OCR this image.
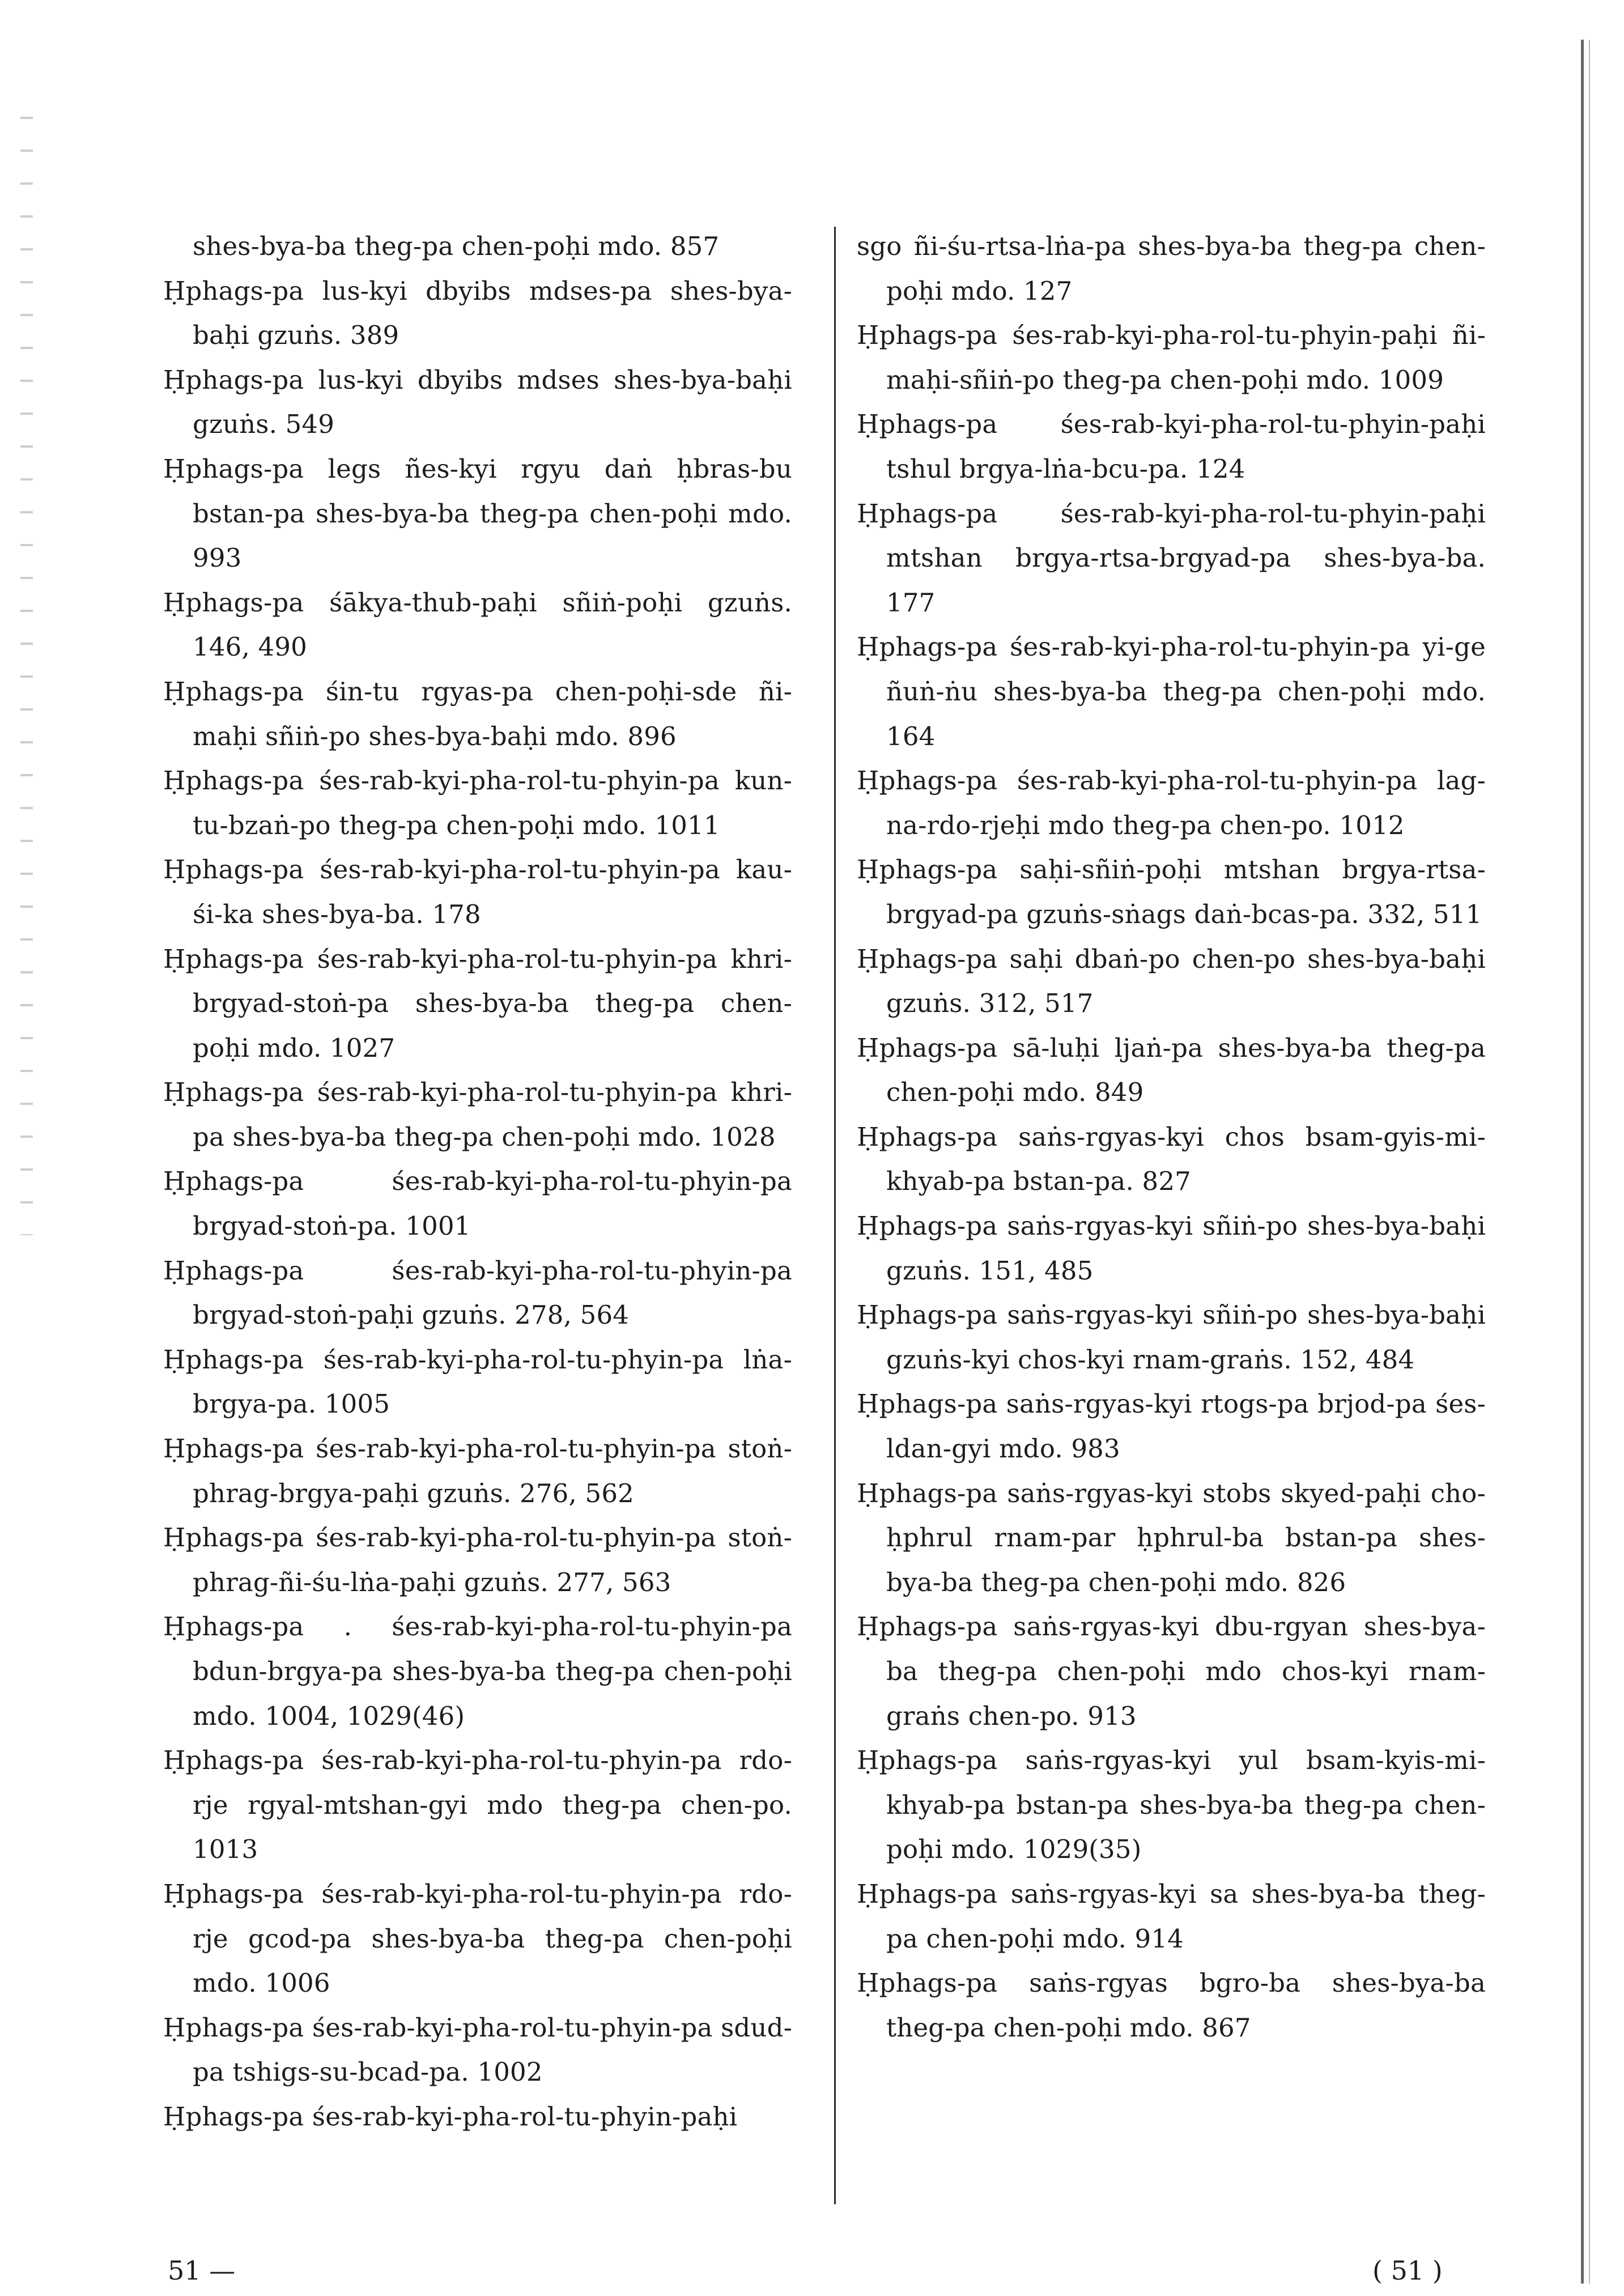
shes-bya-ba theg-pa chen-poḥi mdo. 857

Ḥphags-pa lus-kyi dbyibs mdses-pa shes-bya-baḥi gzuṅs. 389

Ḥphags-pa lus-kyi dbyibs mdses shes-bya-baḥi gzuṅs. 549

Ḥphags-pa legs ñes-kyi rgyu daṅ ḥbras-bu bstan-pa shes-bya-ba theg-pa chen-poḥi mdo. 993

Ḥphags-pa śākya-thub-paḥi sñiṅ-poḥi gzuṅs. 146, 490

Ḥphags-pa śin-tu rgyas-pa chen-poḥi-sde ñi-maḥi sñiṅ-po shes-bya-baḥi mdo. 896

Ḥphags-pa śes-rab-kyi-pha-rol-tu-phyin-pa kun-tu-bzaṅ-po theg-pa chen-poḥi mdo. 1011

Ḥphags-pa śes-rab-kyi-pha-rol-tu-phyin-pa kau-śi-ka shes-bya-ba. 178

Ḥphags-pa śes-rab-kyi-pha-rol-tu-phyin-pa khri-brgyad-stoṅ-pa shes-bya-ba theg-pa chen-poḥi mdo. 1027

Ḥphags-pa śes-rab-kyi-pha-rol-tu-phyin-pa khri-pa shes-bya-ba theg-pa chen-poḥi mdo. 1028

Ḥphags-pa śes-rab-kyi-pha-rol-tu-phyin-pa brgyad-stoṅ-pa. 1001

Ḥphags-pa śes-rab-kyi-pha-rol-tu-phyin-pa brgyad-stoṅ-paḥi gzuṅs. 278, 564

Ḥphags-pa śes-rab-kyi-pha-rol-tu-phyin-pa lṅa-brgya-pa. 1005

Ḥphags-pa śes-rab-kyi-pha-rol-tu-phyin-pa stoṅ-phrag-brgya-paḥi gzuṅs. 276, 562

Ḥphags-pa śes-rab-kyi-pha-rol-tu-phyin-pa stoṅ-phrag-ñi-śu-lṅa-paḥi gzuṅs. 277, 563

Ḥphags-pa . śes-rab-kyi-pha-rol-tu-phyin-pa bdun-brgya-pa shes-bya-ba theg-pa chen-poḥi mdo. 1004, 1029(46)

Ḥphags-pa śes-rab-kyi-pha-rol-tu-phyin-pa rdo-rje rgyal-mtshan-gyi mdo theg-pa chen-po. 1013

Ḥphags-pa śes-rab-kyi-pha-rol-tu-phyin-pa rdo-rje gcod-pa shes-bya-ba theg-pa chen-poḥi mdo. 1006

Ḥphags-pa śes-rab-kyi-pha-rol-tu-phyin-pa sdud-pa tshigs-su-bcad-pa. 1002

Ḥphags-pa śes-rab-kyi-pha-rol-tu-phyin-paḥi

sgo ñi-śu-rtsa-lṅa-pa shes-bya-ba theg-pa chen-poḥi mdo. 127

Ḥphags-pa śes-rab-kyi-pha-rol-tu-phyin-paḥi ñi-maḥi-sñiṅ-po theg-pa chen-poḥi mdo. 1009

Ḥphags-pa śes-rab-kyi-pha-rol-tu-phyin-paḥi tshul brgya-lṅa-bcu-pa. 124

Ḥphags-pa śes-rab-kyi-pha-rol-tu-phyin-paḥi mtshan brgya-rtsa-brgyad-pa shes-bya-ba. 177

Ḥphags-pa śes-rab-kyi-pha-rol-tu-phyin-pa yi-ge ñuṅ-ṅu shes-bya-ba theg-pa chen-poḥi mdo. 164

Ḥphags-pa śes-rab-kyi-pha-rol-tu-phyin-pa lag-na-rdo-rjeḥi mdo theg-pa chen-po. 1012

Ḥphags-pa saḥi-sñiṅ-poḥi mtshan brgya-rtsa-brgyad-pa gzuṅs-sṅags daṅ-bcas-pa. 332, 511

Ḥphags-pa saḥi dbaṅ-po chen-po shes-bya-baḥi gzuṅs. 312, 517

Ḥphags-pa sā-luḥi ljaṅ-pa shes-bya-ba theg-pa chen-poḥi mdo. 849

Ḥphags-pa saṅs-rgyas-kyi chos bsam-gyis-mi-khyab-pa bstan-pa. 827

Ḥphags-pa saṅs-rgyas-kyi sñiṅ-po shes-bya-baḥi gzuṅs. 151, 485

Ḥphags-pa saṅs-rgyas-kyi sñiṅ-po shes-bya-baḥi gzuṅs-kyi chos-kyi rnam-graṅs. 152, 484

Ḥphags-pa saṅs-rgyas-kyi rtogs-pa brjod-pa śes-ldan-gyi mdo. 983

Ḥphags-pa saṅs-rgyas-kyi stobs skyed-paḥi cho-ḥphrul rnam-par ḥphrul-ba bstan-pa shes-bya-ba theg-pa chen-poḥi mdo. 826

Ḥphags-pa saṅs-rgyas-kyi dbu-rgyan shes-bya-ba theg-pa chen-poḥi mdo chos-kyi rnam-graṅs chen-po. 913

Ḥphags-pa saṅs-rgyas-kyi yul bsam-kyis-mi-khyab-pa bstan-pa shes-bya-ba theg-pa chen-poḥi mdo. 1029(35)

Ḥphags-pa saṅs-rgyas-kyi sa shes-bya-ba theg-pa chen-poḥi mdo. 914

Ḥphags-pa saṅs-rgyas bgro-ba shes-bya-ba theg-pa chen-poḥi mdo. 867

51 —	( 51 )
